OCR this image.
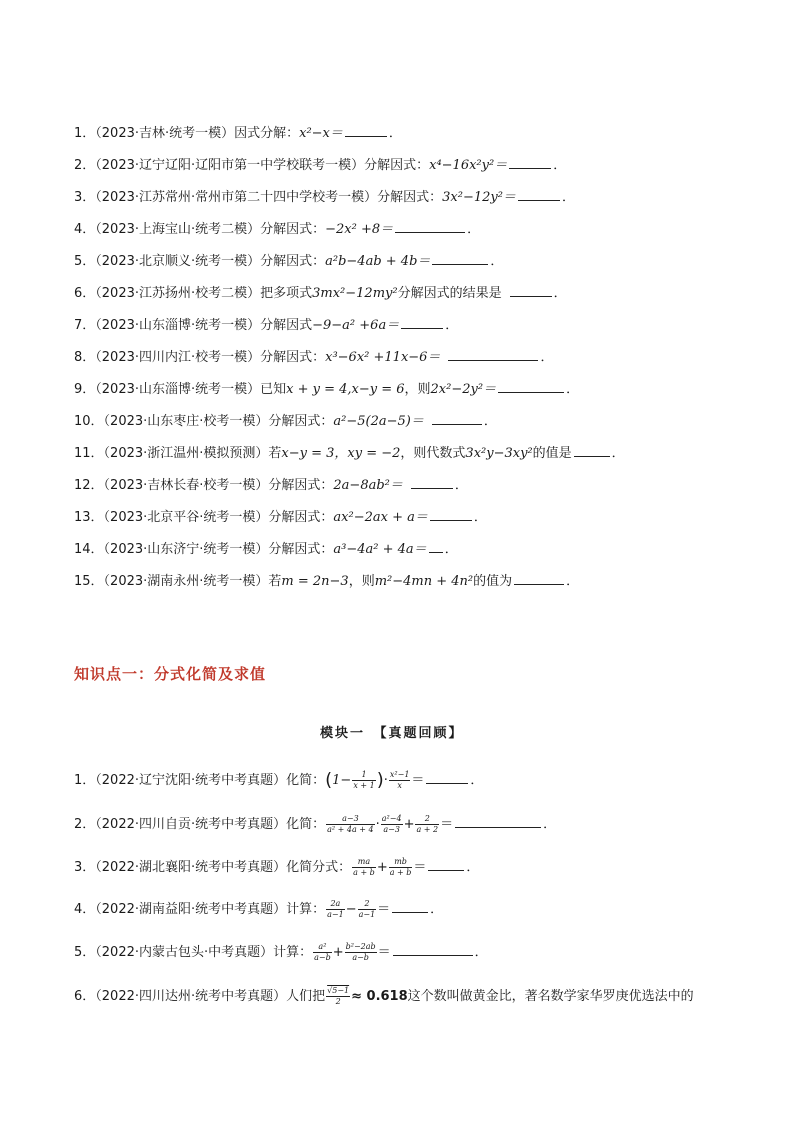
1．（2023·吉林·统考一模）因式分解：x²−x＝	．
2．（2023·辽宁辽阳·辽阳市第一中学校联考一模）分解因式：x⁴−16x²y²＝	．
3．（2023·江苏常州·常州市第二十四中学校考一模）分解因式：3x²−12y²＝	．
4．（2023·上海宝山·统考二模）分解因式：−2x² +8＝	．
5．（2023·北京顺义·统考一模）分解因式：a²b−4ab + 4b＝	．
6．（2023·江苏扬州·校考二模）把多项式3mx²−12my²分解因式的结果是	．
7．（2023·山东淄博·统考一模）分解因式−9−a² +6a＝	．
8．（2023·四川内江·校考一模）分解因式：x³−6x² +11x−6＝	．
9．（2023·山东淄博·统考一模）已知x + y = 4,x−y = 6，则2x²−2y²＝	．
10．（2023·山东枣庄·校考一模）分解因式：a²−5(2a−5)＝	．
11．（2023·浙江温州·模拟预测）若x−y = 3，xy = −2，则代数式3x²y−3xy²的值是	．
12．（2023·吉林长春·校考一模）分解因式：2a−8ab²＝	．
13．（2023·北京平谷·统考一模）分解因式：ax²−2ax + a＝	．
14．（2023·山东济宁·统考一模）分解因式：a³−4a² + 4a＝ ．
15．（2023·湖南永州·统考一模）若m = 2n−3，则m²−4mn + 4n²的值为	．
知识点一：分式化简及求值
模块一　【真题回顾】
1．（2022·辽宁沈阳·统考中考真题）化简：($1- \frac{1}{x + 1}$ )· $\frac{\text{x²−1}}{x}$ ＝	．
2．（2022·四川自贡·统考中考真题）化简： $\frac{a-3}{\text{a² + 4a + 4}} \cdot \frac{\text{a²−4}}{a-3} + \frac{2}{a + 2}$ ＝	．
3．（2022·湖北襄阳·统考中考真题）化简分式： $\frac{ma}{a + b} + \frac{mb}{a + b}$ ＝	．
4．（2022·湖南益阳·统考中考真题）计算： $\frac{2a}{a-1} - \frac{2}{a-1}$ ＝	．
5．（2022·内蒙古包头·中考真题）计算： $\frac{\text{a²}}{a-b} + \frac{\text{b²−2ab}}{a-b}$ ＝	．
6．（2022·四川达州·统考中考真题）人们把 $\frac{√5-1}{2} \approx 0.618$这个数叫做黄金比，著名数学家华罗庚优选法中的
